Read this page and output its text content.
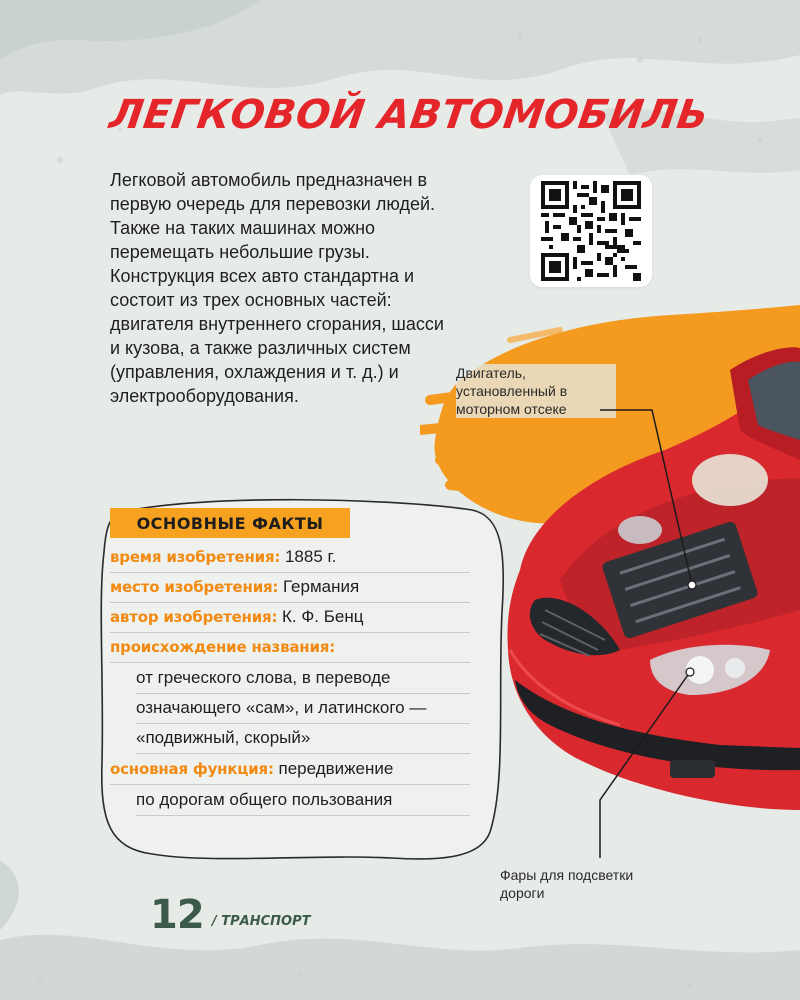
ЛЕГКОВОЙ АВТОМОБИЛЬ

Легковой автомобиль предназначен в первую очередь для перевозки людей. Также на таких машинах можно перемещать небольшие грузы. Конструкция всех авто стандартна и состоит из трех основных частей: двигателя внутреннего сгорания, шасси и кузова, а также различных систем (управления, охлаждения и т. д.) и электрооборудования.

Двигатель, установленный в моторном отсеке
Фары для подсветки дороги
ОСНОВНЫЕ ФАКТЫ
время изобретения: 1885 г.
место изобретения: Германия
автор изобретения: К. Ф. Бенц
происхождение названия:
от греческого слова, в переводе
означающего «сам», и латинского —
«подвижный, скорый»
основная функция: передвижение
по дорогам общего пользования
12 / ТРАНСПОРТ
